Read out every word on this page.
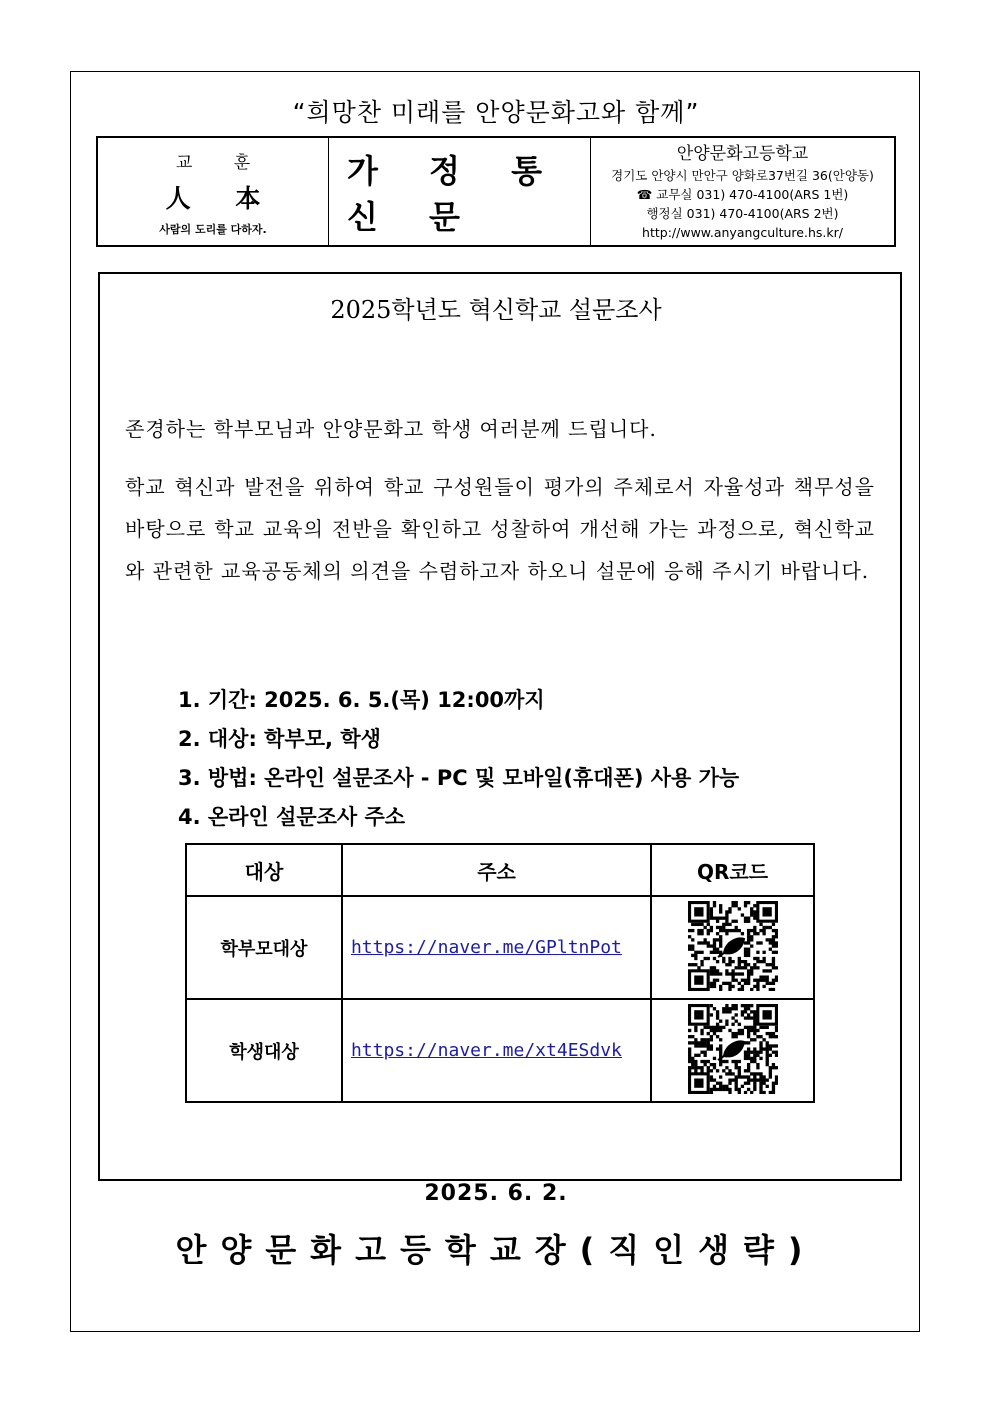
“희망찬 미래를 안양문화고와 함께”
교 훈
人 本
사람의 도리를 다하자.
가 정 통 신 문
안양문화고등학교
경기도 안양시 만안구 양화로37번길 36(안양동)
☎ 교무실 031) 470-4100(ARS 1번)
행정실 031) 470-4100(ARS 2번)
http://www.anyangculture.hs.kr/
2025학년도 혁신학교 설문조사
존경하는 학부모님과 안양문화고 학생 여러분께 드립니다.
학교 혁신과 발전을 위하여 학교 구성원들이 평가의 주체로서 자율성과 책무성을 바탕으로 학교 교육의 전반을 확인하고 성찰하여 개선해 가는 과정으로, 혁신학교와 관련한 교육공동체의 의견을 수렴하고자 하오니 설문에 응해 주시기 바랍니다.
1. 기간: 2025. 6. 5.(목) 12:00까지
2. 대상: 학부모, 학생
3. 방법: 온라인 설문조사 - PC 및 모바일(휴대폰) 사용 가능
4. 온라인 설문조사 주소
대상	주소	QR코드
학부모대상	https://naver.me/GPltnPot	
학생대상	https://naver.me/xt4ESdvk	
2025. 6. 2.
안양문화고등학교장(직인생략)
